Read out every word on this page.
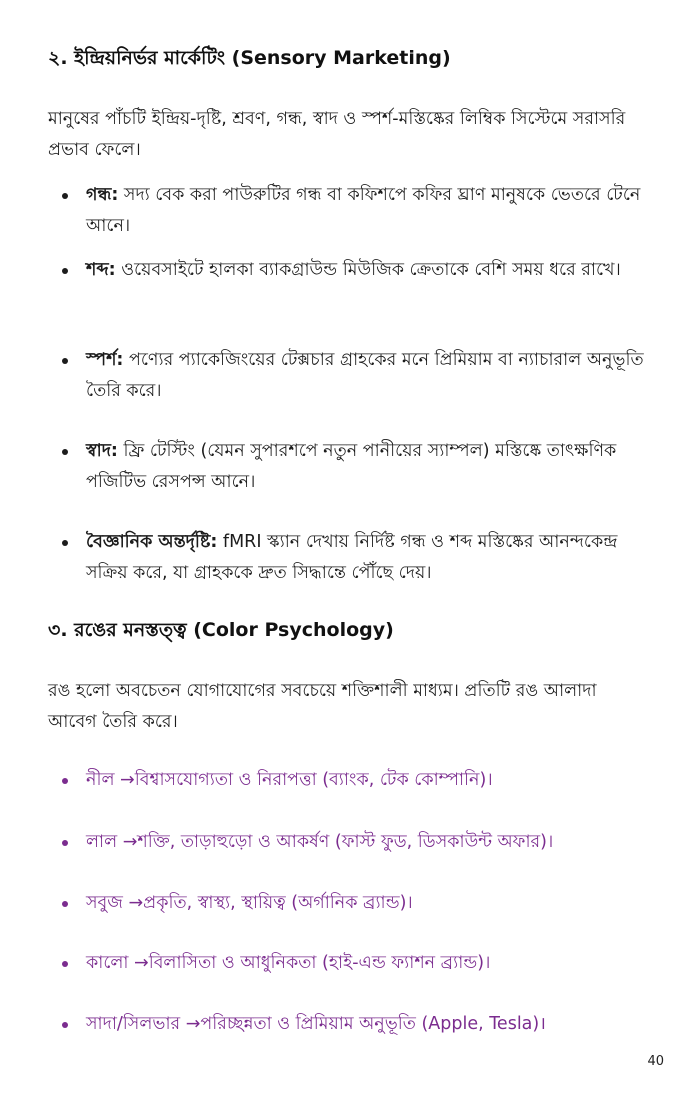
২. ইন্দ্রিয়নির্ভর মার্কেটিং (Sensory Marketing)

মানুষের পাঁচটি ইন্দ্রিয়-দৃষ্টি, শ্রবণ, গন্ধ, স্বাদ ও স্পর্শ-মস্তিষ্কের লিম্বিক সিস্টেমে সরাসরি প্রভাব ফেলে।

গন্ধ: সদ্য বেক করা পাউরুটির গন্ধ বা কফিশপে কফির ঘ্রাণ মানুষকে ভেতরে টেনে আনে।
শব্দ: ওয়েবসাইটে হালকা ব্যাকগ্রাউন্ড মিউজিক ক্রেতাকে বেশি সময় ধরে রাখে।
স্পর্শ: পণ্যের প্যাকেজিংয়ের টেক্সচার গ্রাহকের মনে প্রিমিয়াম বা ন্যাচারাল অনুভূতি তৈরি করে।
স্বাদ: ফ্রি টেস্টিং (যেমন সুপারশপে নতুন পানীয়ের স্যাম্পল) মস্তিষ্কে তাৎক্ষণিক পজিটিভ রেসপন্স আনে।
বৈজ্ঞানিক অন্তর্দৃষ্টি: fMRI স্ক্যান দেখায় নির্দিষ্ট গন্ধ ও শব্দ মস্তিষ্কের আনন্দকেন্দ্র সক্রিয় করে, যা গ্রাহককে দ্রুত সিদ্ধান্তে পৌঁছে দেয়।
৩. রঙের মনস্তত্ত্ব (Color Psychology)

রঙ হলো অবচেতন যোগাযোগের সবচেয়ে শক্তিশালী মাধ্যম। প্রতিটি রঙ আলাদা আবেগ তৈরি করে।

নীল →বিশ্বাসযোগ্যতা ও নিরাপত্তা (ব্যাংক, টেক কোম্পানি)।
লাল →শক্তি, তাড়াহুড়ো ও আকর্ষণ (ফাস্ট ফুড, ডিসকাউন্ট অফার)।
সবুজ →প্রকৃতি, স্বাস্থ্য, স্থায়িত্ব (অর্গানিক ব্র্যান্ড)।
কালো →বিলাসিতা ও আধুনিকতা (হাই-এন্ড ফ্যাশন ব্র্যান্ড)।
সাদা/সিলভার →পরিচ্ছন্নতা ও প্রিমিয়াম অনুভূতি (Apple, Tesla)।
40
